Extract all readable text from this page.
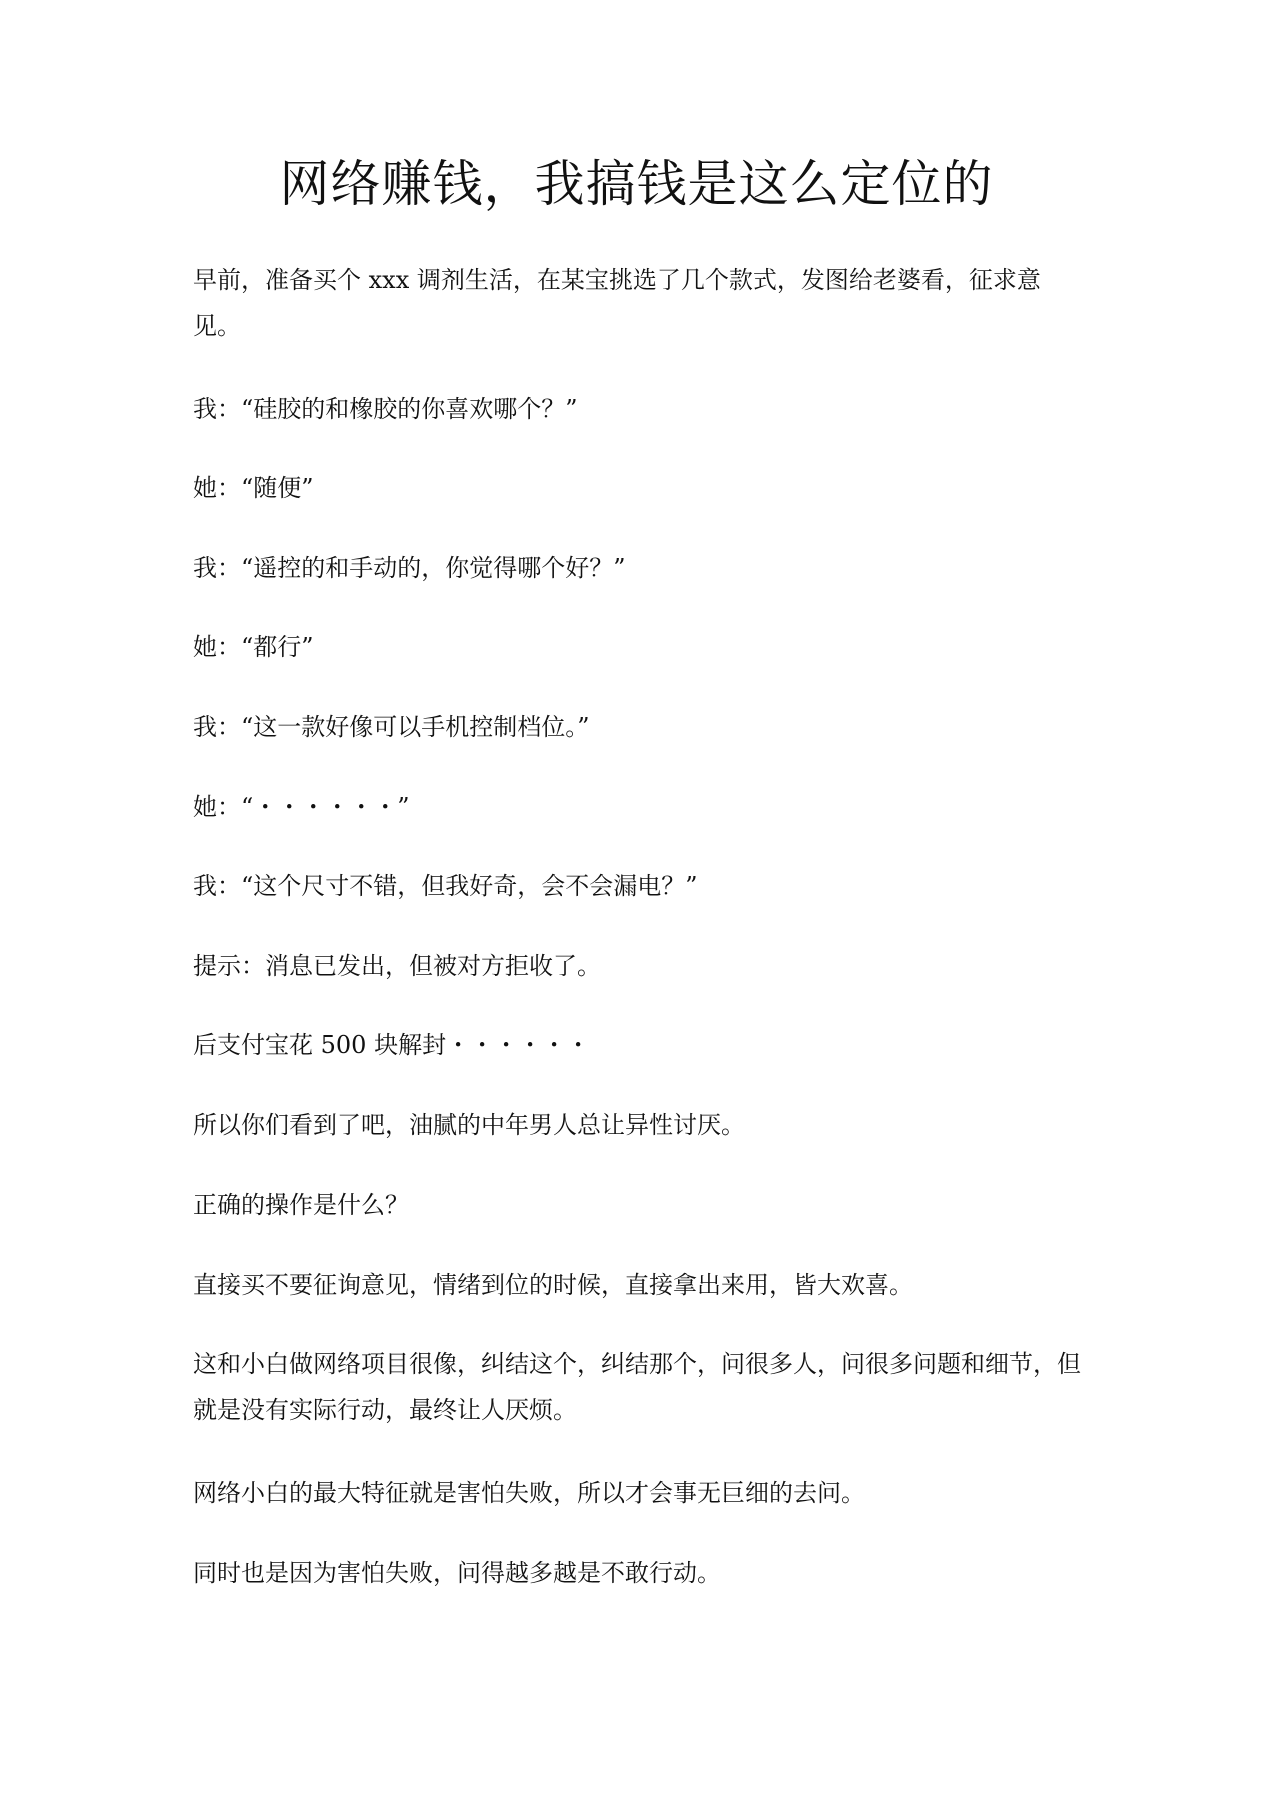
网络赚钱，我搞钱是这么定位的

早前，准备买个 xxx 调剂生活，在某宝挑选了几个款式，发图给老婆看，征求意见。

我：“硅胶的和橡胶的你喜欢哪个？”

她：“随便”

我：“遥控的和手动的，你觉得哪个好？”

她：“都行”

我：“这一款好像可以手机控制档位。”

她：“・・・・・・”

我：“这个尺寸不错，但我好奇，会不会漏电？”

提示：消息已发出，但被对方拒收了。

后支付宝花 500 块解封・・・・・・

所以你们看到了吧，油腻的中年男人总让异性讨厌。

正确的操作是什么？

直接买不要征询意见，情绪到位的时候，直接拿出来用，皆大欢喜。

这和小白做网络项目很像，纠结这个，纠结那个，问很多人，问很多问题和细节，但就是没有实际行动，最终让人厌烦。

网络小白的最大特征就是害怕失败，所以才会事无巨细的去问。

同时也是因为害怕失败，问得越多越是不敢行动。
